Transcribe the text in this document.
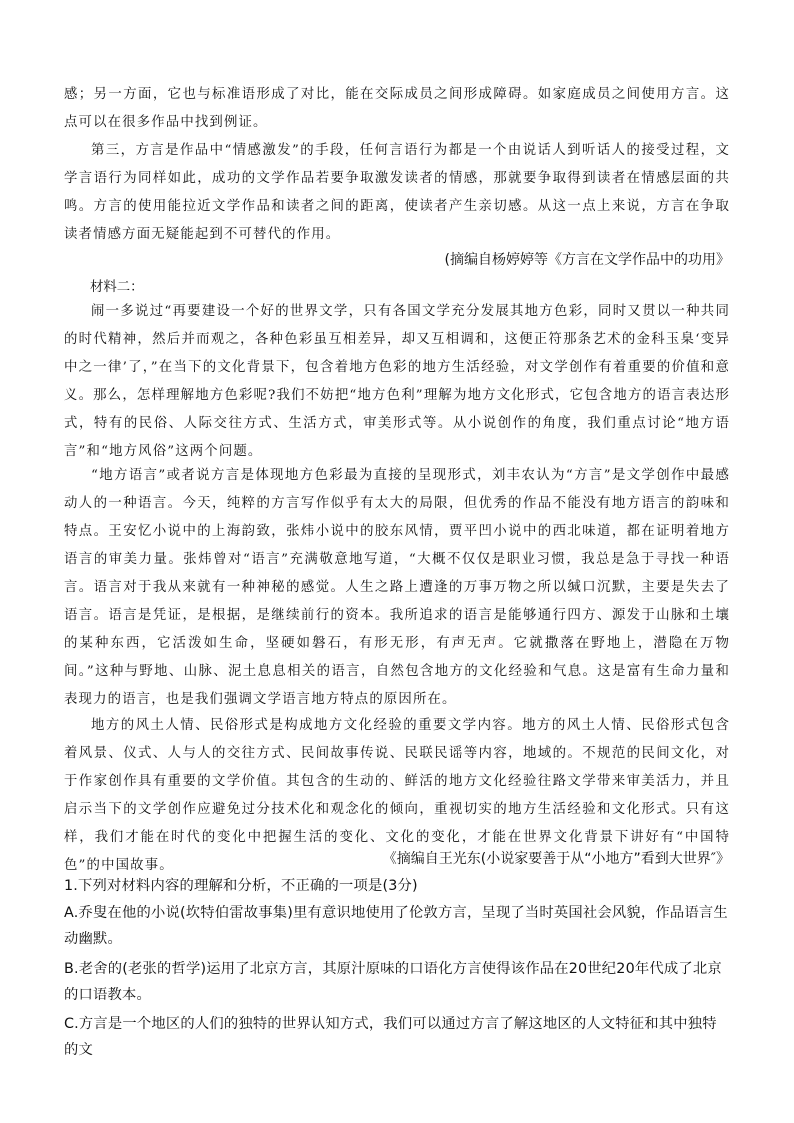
感；另一方面，它也与标准语形成了对比，能在交际成员之间形成障碍。如家庭成员之间使用方言。这点可以在很多作品中找到例证。

第三，方言是作品中“情感激发”的手段，任何言语行为都是一个由说话人到听话人的接受过程，文学言语行为同样如此，成功的文学作品若要争取激发读者的情感，那就要争取得到读者在情感层面的共鸣。方言的使用能拉近文学作品和读者之间的距离，使读者产生亲切感。从这一点上来说，方言在争取读者情感方面无疑能起到不可替代的作用。

(摘编自杨婷婷等《方言在文学作品中的功用》
材料二：

闹一多说过“再要建设一个好的世界文学，只有各国文学充分发展其地方色彩，同时又贯以一种共同的时代精神，然后并而观之，各种色彩虽互相差异，却又互相调和，这便正符那条艺术的金科玉臬‘变异中之一律’了，”在当下的文化背景下，包含着地方色彩的地方生活经验，对文学创作有着重要的价值和意义。那么，怎样理解地方色彩呢?我们不妨把“地方色利”理解为地方文化形式，它包含地方的语言表达形式，特有的民俗、人际交往方式、生活方式，审美形式等。从小说创作的角度，我们重点讨论“地方语言”和“地方风俗”这两个问题。

“地方语言”或者说方言是体现地方色彩最为直接的呈现形式，刘丰农认为“方言”是文学创作中最感动人的一种语言。今天，纯粹的方言写作似乎有太大的局限，但优秀的作品不能没有地方语言的韵味和特点。王安忆小说中的上海韵致，张炜小说中的胶东风情，贾平凹小说中的西北味道，都在证明着地方语言的审美力量。张炜曾对“语言”充满敬意地写道，“大概不仅仅是职业习惯，我总是急于寻找一种语言。语言对于我从来就有一种神秘的感觉。人生之路上遭逢的万事万物之所以缄口沉默，主要是失去了语言。语言是凭证，是根据，是继续前行的资本。我所追求的语言是能够通行四方、源发于山脉和土壤的某种东西，它活泼如生命，坚硬如磐石，有形无形，有声无声。它就撒落在野地上，潜隐在万物间。”这种与野地、山脉、泥土息息相关的语言，自然包含地方的文化经验和气息。这是富有生命力量和表现力的语言，也是我们强调文学语言地方特点的原因所在。

地方的风土人情、民俗形式是构成地方文化经验的重要文学内容。地方的风土人情、民俗形式包含着风景、仪式、人与人的交往方式、民间故事传说、民联民谣等内容，地域的。不规范的民间文化，对于作家创作具有重要的文学价值。其包含的生动的、鲜活的地方文化经验往路文学带来审美活力，并且启示当下的文学创作应避免过分技术化和观念化的倾向，重视切实的地方生活经验和文化形式。只有这样，我们才能在时代的变化中把握生活的变化、文化的变化，才能在世界文化背景下讲好有“中国特色”的中国故事。	《摘编自王光东(小说家要善于从“小地方”看到大世界″》

1.下列对材料内容的理解和分析，不正确的一项是(3分)

A.乔叟在他的小说(坎特伯雷故事集)里有意识地使用了伦敦方言，呈现了当时英国社会风貌，作品语言生动幽默。

B.老舍的(老张的哲学)运用了北京方言，其原汁原味的口语化方言使得该作品在20世纪20年代成了北京的口语教本。

C.方言是一个地区的人们的独特的世界认知方式，我们可以通过方言了解这地区的人文特征和其中独特的文
